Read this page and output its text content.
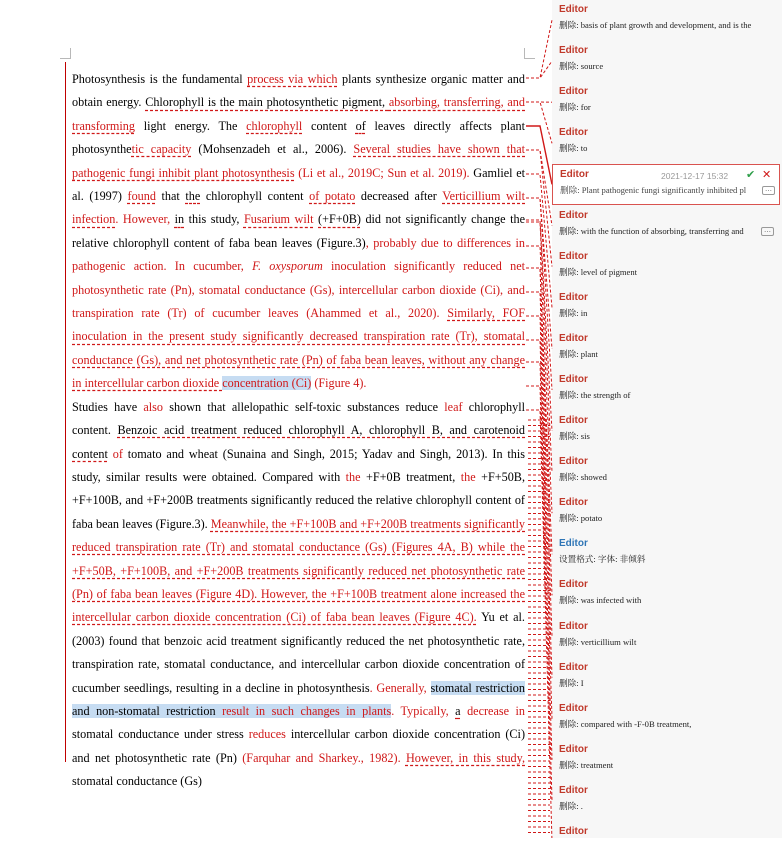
Photosynthesis is the fundamental process via which plants synthesize organic matter and obtain energy. Chlorophyll is the main photosynthetic pigment, absorbing, transferring, and transforming light energy. The chlorophyll content of leaves directly affects plant photosynthetic capacity (Mohsenzadeh et al., 2006). Several studies have shown that pathogenic fungi inhibit plant photosynthesis (Li et al., 2019C; Sun et al. 2019). Gamliel et al. (1997) found that the chlorophyll content of potato decreased after Verticillium wilt infection. However, in this study, Fusarium wilt (+F+0B) did not significantly change the relative chlorophyll content of faba bean leaves (Figure.3), probably due to differences in pathogenic action. In cucumber, F. oxysporum inoculation significantly reduced net photosynthetic rate (Pn), stomatal conductance (Gs), intercellular carbon dioxide (Ci), and transpiration rate (Tr) of cucumber leaves (Ahammed et al., 2020). Similarly, FOF inoculation in the present study significantly decreased transpiration rate (Tr), stomatal conductance (Gs), and net photosynthetic rate (Pn) of faba bean leaves, without any change in intercellular carbon dioxide concentration (Ci) (Figure 4).

Studies have also shown that allelopathic self-toxic substances reduce leaf chlorophyll content. Benzoic acid treatment reduced chlorophyll A, chlorophyll B, and carotenoid content of tomato and wheat (Sunaina and Singh, 2015; Yadav and Singh, 2013). In this study, similar results were obtained. Compared with the +F+0B treatment, the +F+50B, +F+100B, and +F+200B treatments significantly reduced the relative chlorophyll content of faba bean leaves (Figure.3). Meanwhile, the +F+100B and +F+200B treatments significantly reduced transpiration rate (Tr) and stomatal conductance (Gs) (Figures 4A, B) while the +F+50B, +F+100B, and +F+200B treatments significantly reduced net photosynthetic rate (Pn) of faba bean leaves (Figure 4D). However, the +F+100B treatment alone increased the intercellular carbon dioxide concentration (Ci) of faba bean leaves (Figure 4C). Yu et al. (2003) found that benzoic acid treatment significantly reduced the net photosynthetic rate, transpiration rate, stomatal conductance, and intercellular carbon dioxide concentration of cucumber seedlings, resulting in a decline in photosynthesis. Generally, stomatal restriction and non-stomatal restriction result in such changes in plants. Typically, a decrease in stomatal conductance under stress reduces intercellular carbon dioxide concentration (Ci) and net photosynthetic rate (Pn) (Farquhar and Sharkey., 1982). However, in this study, stomatal conductance (Gs)

Editor
删除: basis of plant growth and development, and is the
Editor
删除: source
Editor
删除: for
Editor
删除: to
Editor
删除: Plant pathogenic fungi significantly inhibited pl
2021-12-17 15:32 ✔ ✕
…
Editor
删除: with the function of absorbing, transferring and	…
Editor
删除: level of pigment
Editor
删除: in
Editor
删除: plant
Editor
删除: the strength of
Editor
删除: sis
Editor
删除: showed
Editor
删除: potato
Editor
设置格式: 字体: 非倾斜
Editor
删除: was infected with
Editor
删除: verticillium wilt
Editor
删除: I
Editor
删除: compared with -F-0B treatment,
Editor
删除: treatment
Editor
删除: .
Editor
